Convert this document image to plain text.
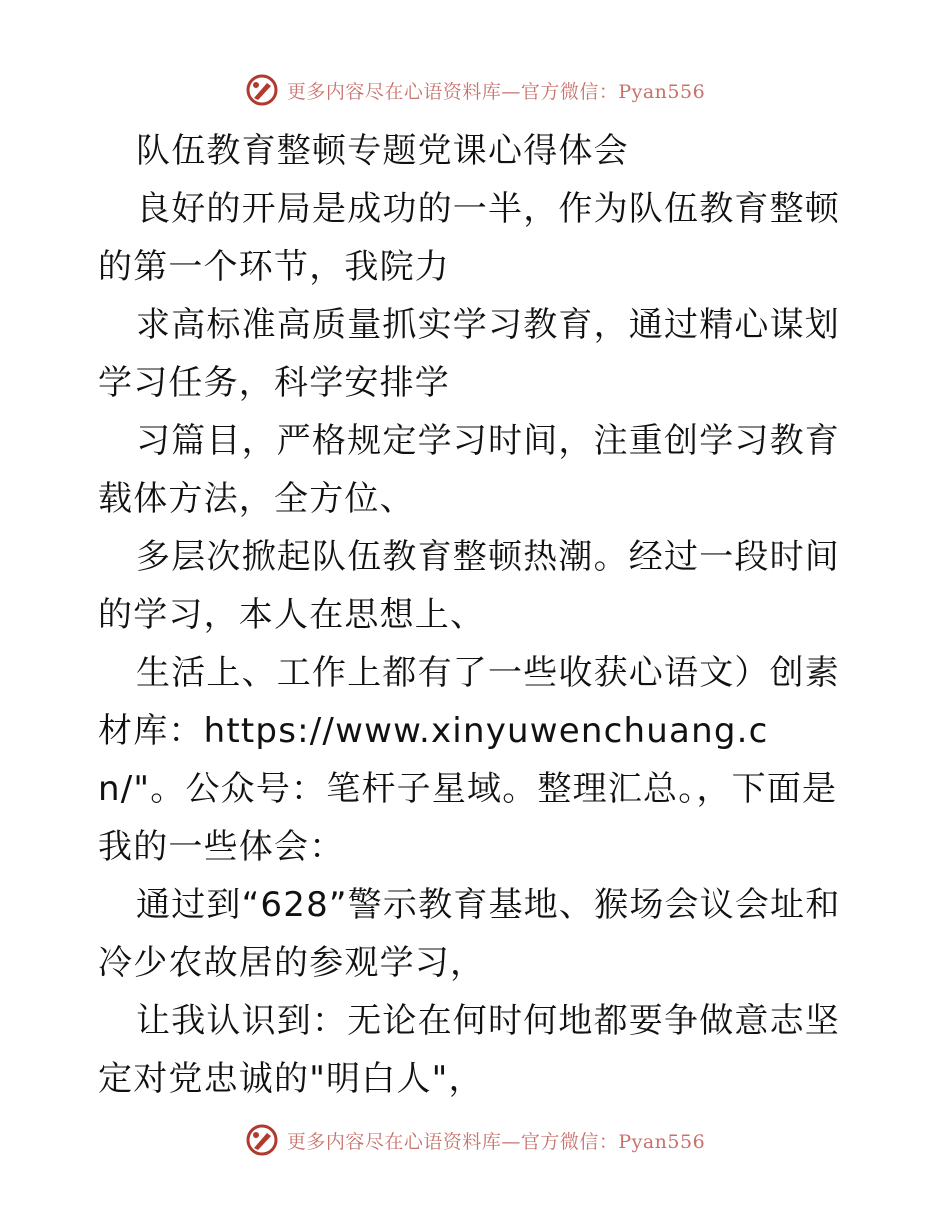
更多内容尽在心语资料库—官方微信：Pyan556

队伍教育整顿专题党课心得体会

良好的开局是成功的一半，作为队伍教育整顿的第一个环节，我院力

求高标准高质量抓实学习教育，通过精心谋划学习任务，科学安排学

习篇目，严格规定学习时间，注重创学习教育载体方法，全方位、

多层次掀起队伍教育整顿热潮。经过一段时间的学习，本人在思想上、

生活上、工作上都有了一些收获心语文）创素材库：https://www.xinyuwenchuang.cn/"。公众号：笔杆子星域。整理汇总。，下面是我的一些体会：

通过到“628”警示教育基地、猴场会议会址和冷少农故居的参观学习，

让我认识到：无论在何时何地都要争做意志坚定对党忠诚的"明白人"，

更多内容尽在心语资料库—官方微信：Pyan556
